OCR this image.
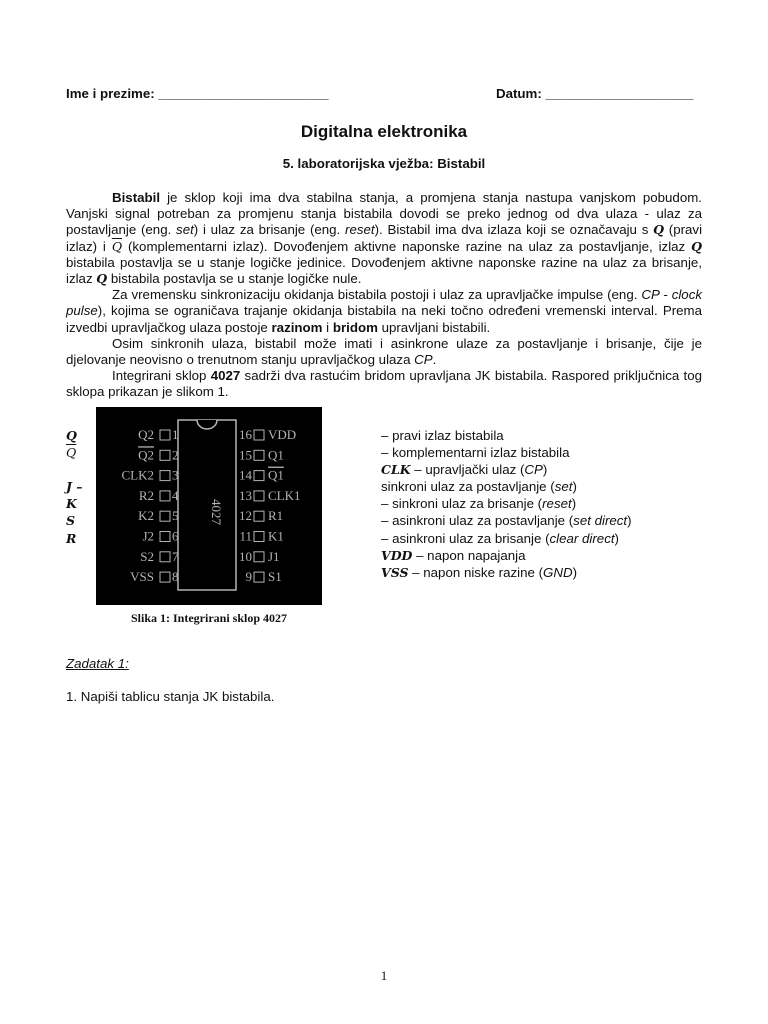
Ime i prezime: _______________________	Datum: ____________________
Digitalna elektronika
5. laboratorijska vježba: Bistabil

Bistabil je sklop koji ima dva stabilna stanja, a promjena stanja nastupa vanjskom pobudom. Vanjski signal potreban za promjenu stanja bistabila dovodi se preko jednog od dva ulaza - ulaz za postavljanje (eng. set) i ulaz za brisanje (eng. reset). Bistabil ima dva izlaza koji se označavaju s Q (pravi izlaz) i $\overline{Q}$ (komplementarni izlaz). Dovođenjem aktivne naponske razine na ulaz za postavljanje, izlaz Q bistabila postavlja se u stanje logičke jedinice. Dovođenjem aktivne naponske razine na ulaz za brisanje, izlaz Q bistabila postavlja se u stanje logičke nule.

Za vremensku sinkronizaciju okidanja bistabila postoji i ulaz za upravljačke impulse (eng. CP - clock pulse), kojima se ograničava trajanje okidanja bistabila na neki točno određeni vremenski interval. Prema izvedbi upravljačkog ulaza postoje razinom i bridom upravljani bistabili.

Osim sinkronih ulaza, bistabil može imati i asinkrone ulaze za postavljanje i brisanje, čije je djelovanje neovisno o trenutnom stanju upravljačkog ulaza CP.

Integrirani sklop 4027 sadrži dva rastućim bridom upravljana JK bistabila. Raspored priključnica tog sklopa prikazan je slikom 1.

4027
Q2 1
Q2 2
CLK2 3
R2 4
K2 5
J2 6
S2 7
VSS 8
16 VDD
15 Q1
14 Q1
13 CLK1
12 R1
11 K1
10 J1
9 S1
Slika 1: Integrirani sklop 4027
Q
$\overline{Q}$
J –
K
S
R
– pravi izlaz bistabila
– komplementarni izlaz bistabila
CLK – upravljački ulaz (CP)
sinkroni ulaz za postavljanje (set)
– sinkroni ulaz za brisanje (reset)
– asinkroni ulaz za postavljanje (set direct)
– asinkroni ulaz za brisanje (clear direct)
VDD – napon napajanja
VSS – napon niske razine (GND)
Zadatak 1:
1. Napiši tablicu stanja JK bistabila.
1
